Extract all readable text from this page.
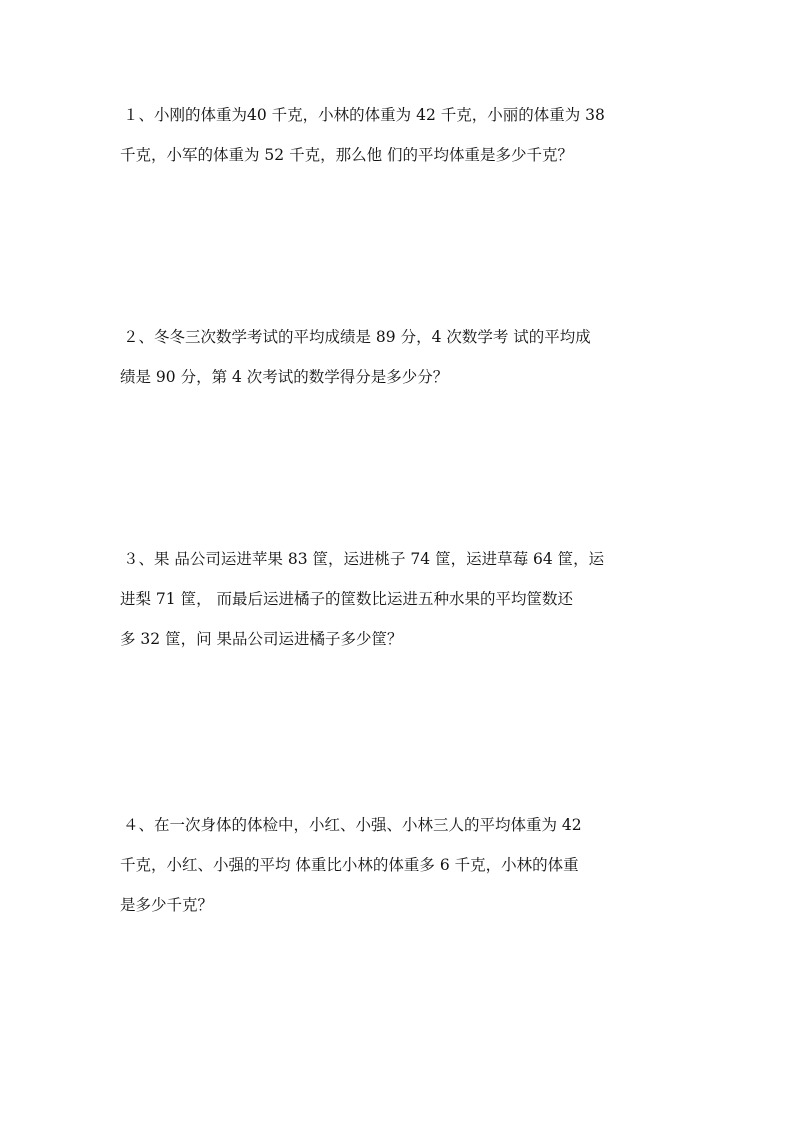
１、小刚的体重为40 千克，小林的体重为 42 千克，小丽的体重为 38
千克，小军的体重为 52 千克，那么他 们的平均体重是多少千克？
２、冬冬三次数学考试的平均成绩是 89 分，4 次数学考 试的平均成
绩是 90 分，第 4 次考试的数学得分是多少分？
３、果 品公司运进苹果 83 筐，运进桃子 74 筐，运进草莓 64 筐，运
进梨 71 筐， 而最后运进橘子的筐数比运进五种水果的平均筐数还
多 32 筐，问 果品公司运进橘子多少筐？
４、在一次身体的体检中，小红、小强、小林三人的平均体重为 42
千克，小红、小强的平均 体重比小林的体重多 6 千克，小林的体重
是多少千克？
